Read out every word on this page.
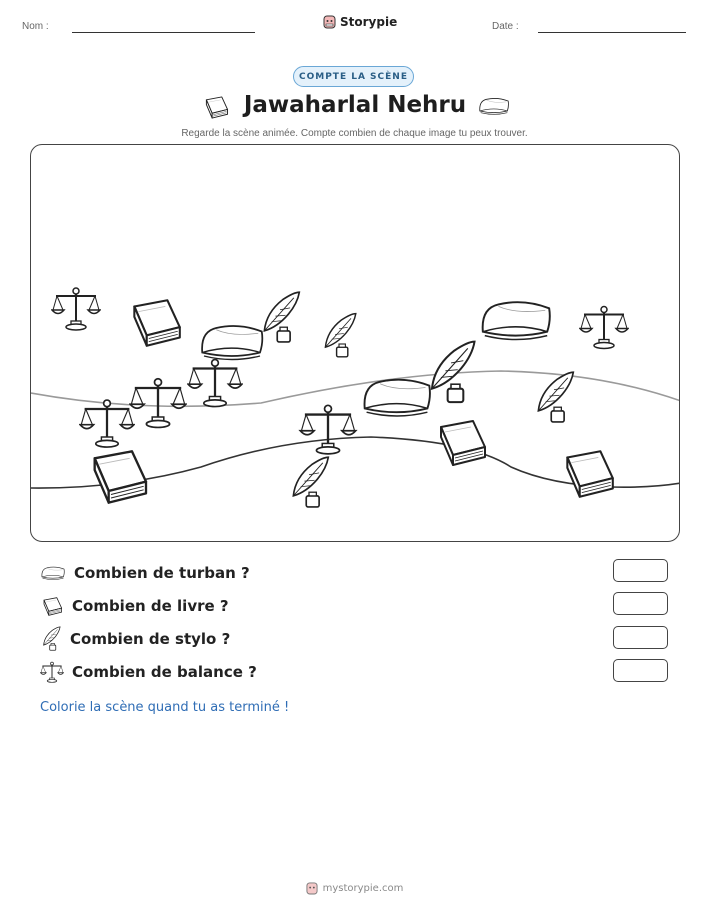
Nom :	Storypie	Date :
COMPTE LA SCÈNE
Jawaharlal Nehru
Regarde la scène animée. Compte combien de chaque image tu peux trouver.
Combien de turban ?
Combien de livre ?
Combien de stylo ?
Combien de balance ?
Colorie la scène quand tu as terminé !
mystorypie.com
